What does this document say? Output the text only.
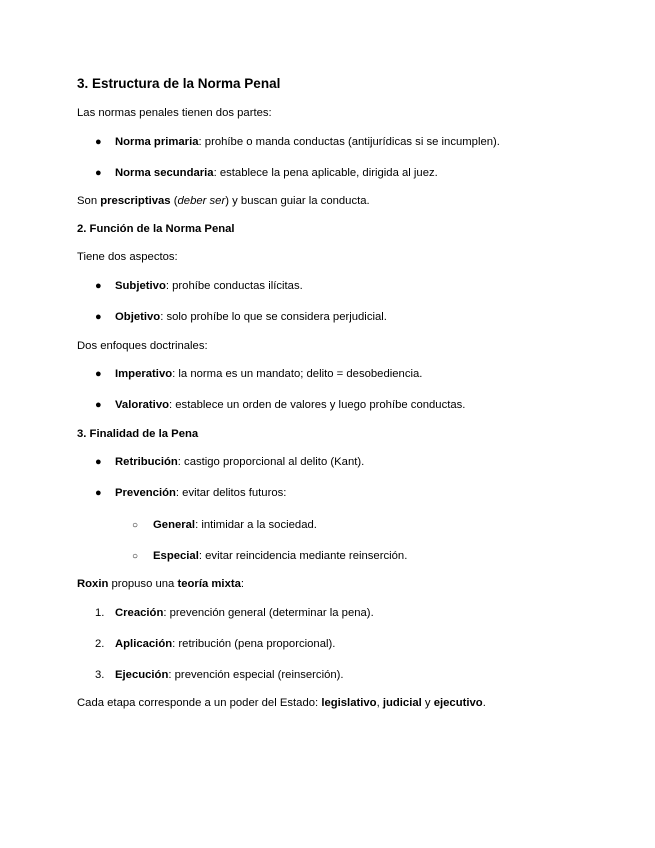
3. Estructura de la Norma Penal
Las normas penales tienen dos partes:
● Norma primaria: prohíbe o manda conductas (antijurídicas si se incumplen).
● Norma secundaria: establece la pena aplicable, dirigida al juez.
Son prescriptivas (deber ser) y buscan guiar la conducta.
2. Función de la Norma Penal
Tiene dos aspectos:
● Subjetivo: prohíbe conductas ilícitas.
● Objetivo: solo prohíbe lo que se considera perjudicial.
Dos enfoques doctrinales:
● Imperativo: la norma es un mandato; delito = desobediencia.
● Valorativo: establece un orden de valores y luego prohíbe conductas.
3. Finalidad de la Pena
● Retribución: castigo proporcional al delito (Kant).
● Prevención: evitar delitos futuros:
○ General: intimidar a la sociedad.
○ Especial: evitar reincidencia mediante reinserción.
Roxin propuso una teoría mixta:
1. Creación: prevención general (determinar la pena).
2. Aplicación: retribución (pena proporcional).
3. Ejecución: prevención especial (reinserción).
Cada etapa corresponde a un poder del Estado: legislativo, judicial y ejecutivo.
